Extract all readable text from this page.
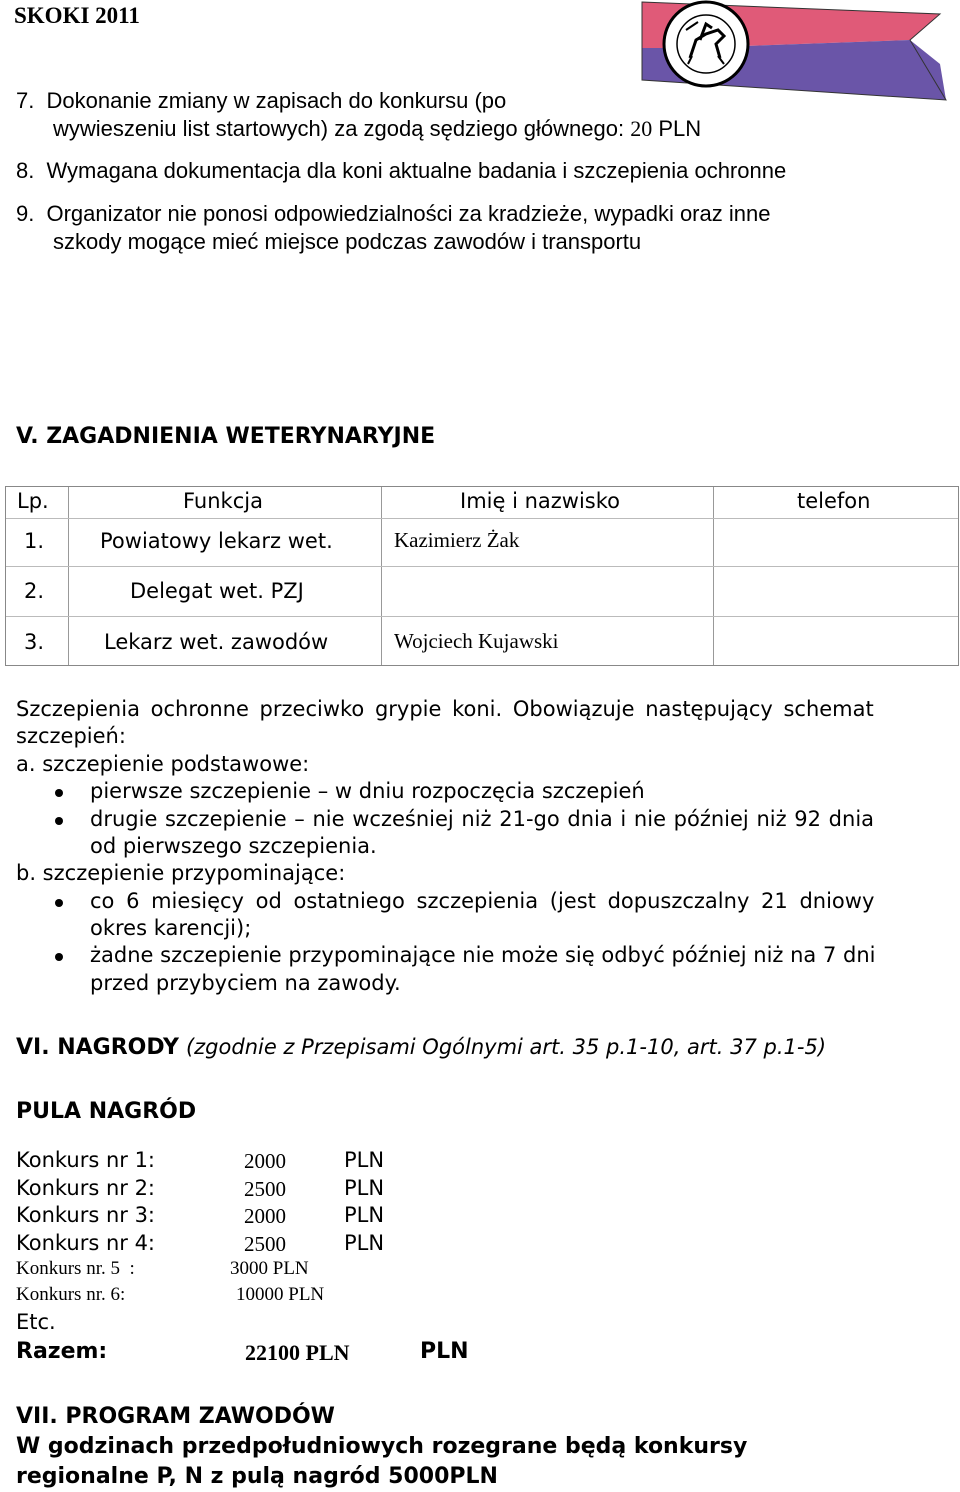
SKOKI 2011
7. Dokonanie zmiany w zapisach do konkursu (po
wywieszeniu list startowych) za zgodą sędziego głównego: 20 PLN
8. Wymagana dokumentacja dla koni aktualne badania i szczepienia ochronne
9. Organizator nie ponosi odpowiedzialności za kradzieże, wypadki oraz inne
szkody mogące mieć miejsce podczas zawodów i transportu
V. ZAGADNIENIA WETERYNARYJNE
Lp.	Funkcja	Imię i nazwisko	telefon
1.	Powiatowy lekarz wet.	Kazimierz Żak
2.	Delegat wet. PZJ
3.	Lekarz wet. zawodów	Wojciech Kujawski
Szczepienia ochronne przeciwko grypie koni. Obowiązuje następujący schemat
szczepień:
a. szczepienie podstawowe:
pierwsze szczepienie – w dniu rozpoczęcia szczepień
drugie szczepienie – nie wcześniej niż 21-go dnia i nie później niż 92 dnia
od pierwszego szczepienia.
b. szczepienie przypominające:
co 6 miesięcy od ostatniego szczepienia (jest dopuszczalny 21 dniowy
okres karencji);
żadne szczepienie przypominające nie może się odbyć później niż na 7 dni
przed przybyciem na zawody.
VI. NAGRODY (zgodnie z Przepisami Ogólnymi art. 35 p.1-10, art. 37 p.1-5)
PULA NAGRÓD
Konkurs nr 1:	2000	PLN
Konkurs nr 2:	2500	PLN
Konkurs nr 3:	2000	PLN
Konkurs nr 4:	2500	PLN
Konkurs nr. 5  :	3000 PLN
Konkurs nr. 6:	10000 PLN
Etc.
Razem:	22100 PLN	PLN
VII. PROGRAM ZAWODÓW
W godzinach przedpołudniowych rozegrane będą konkursy
regionalne P, N z pulą nagród 5000PLN
